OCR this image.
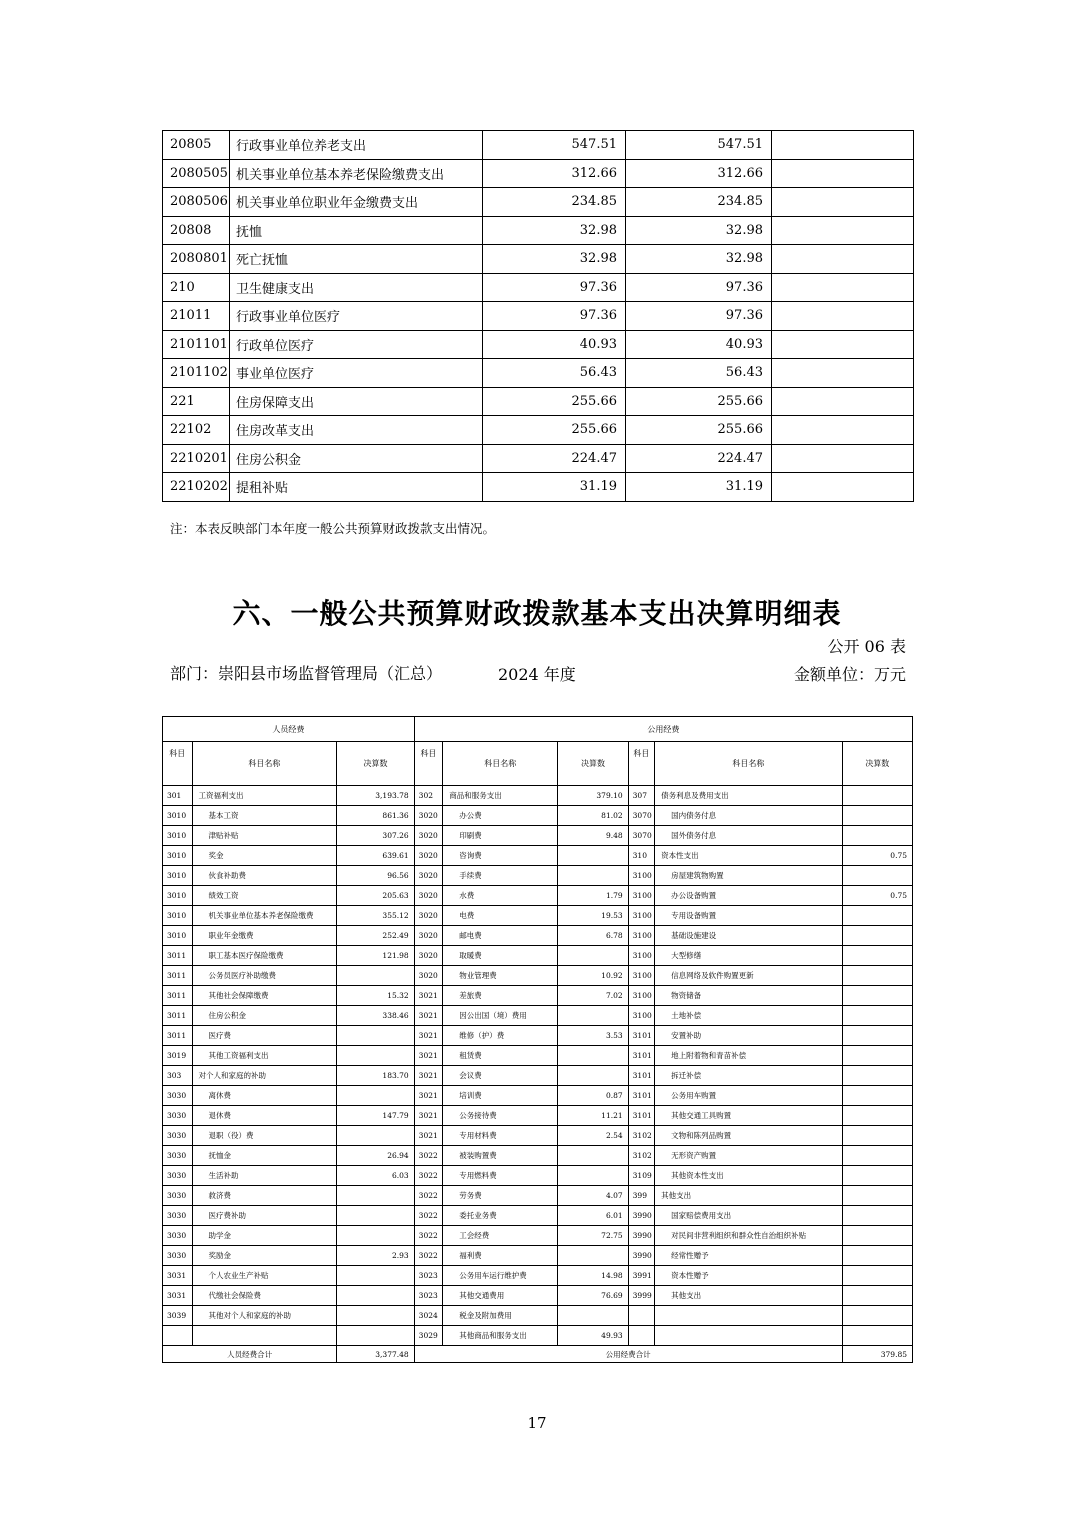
20805	行政事业单位养老支出	547.51	547.51	
2080505	机关事业单位基本养老保险缴费支出	312.66	312.66	
2080506	机关事业单位职业年金缴费支出	234.85	234.85	
20808	抚恤	32.98	32.98	
2080801	死亡抚恤	32.98	32.98	
210	卫生健康支出	97.36	97.36	
21011	行政事业单位医疗	97.36	97.36	
2101101	行政单位医疗	40.93	40.93	
2101102	事业单位医疗	56.43	56.43	
221	住房保障支出	255.66	255.66	
22102	住房改革支出	255.66	255.66	
2210201	住房公积金	224.47	224.47	
2210202	提租补贴	31.19	31.19	
注：本表反映部门本年度一般公共预算财政拨款支出情况。
六、一般公共预算财政拨款基本支出决算明细表
公开 06 表
部门：崇阳县市场监督管理局（汇总）	2024 年度	金额单位：万元
人员经费			公用经费					
科目	科目名称	决算数	科目	科目名称	决算数	科目	科目名称	决算数
301	工资福利支出	3,193.78	302	商品和服务支出	379.10	307	债务利息及费用支出	
3010	基本工资	861.36	3020	办公费	81.02	3070	国内债务付息	
3010	津贴补贴	307.26	3020	印刷费	9.48	3070	国外债务付息	
3010	奖金	639.61	3020	咨询费		310	资本性支出	0.75
3010	伙食补助费	96.56	3020	手续费		3100	房屋建筑物购置	
3010	绩效工资	205.63	3020	水费	1.79	3100	办公设备购置	0.75
3010	机关事业单位基本养老保险缴费	355.12	3020	电费	19.53	3100	专用设备购置	
3010	职业年金缴费	252.49	3020	邮电费	6.78	3100	基础设施建设	
3011	职工基本医疗保险缴费	121.98	3020	取暖费		3100	大型修缮	
3011	公务员医疗补助缴费		3020	物业管理费	10.92	3100	信息网络及软件购置更新	
3011	其他社会保障缴费	15.32	3021	差旅费	7.02	3100	物资储备	
3011	住房公积金	338.46	3021	因公出国（境）费用		3100	土地补偿	
3011	医疗费		3021	维修（护）费	3.53	3101	安置补助	
3019	其他工资福利支出		3021	租赁费		3101	地上附着物和青苗补偿	
303	对个人和家庭的补助	183.70	3021	会议费		3101	拆迁补偿	
3030	离休费		3021	培训费	0.87	3101	公务用车购置	
3030	退休费	147.79	3021	公务接待费	11.21	3101	其他交通工具购置	
3030	退职（役）费		3021	专用材料费	2.54	3102	文物和陈列品购置	
3030	抚恤金	26.94	3022	被装购置费		3102	无形资产购置	
3030	生活补助	6.03	3022	专用燃料费		3109	其他资本性支出	
3030	救济费		3022	劳务费	4.07	399	其他支出	
3030	医疗费补助		3022	委托业务费	6.01	3990	国家赔偿费用支出	
3030	助学金		3022	工会经费	72.75	3990	对民间非营利组织和群众性自治组织补贴	
3030	奖励金	2.93	3022	福利费		3990	经常性赠予	
3031	个人农业生产补贴		3023	公务用车运行维护费	14.98	3991	资本性赠予	
3031	代缴社会保险费		3023	其他交通费用	76.69	3999	其他支出	
3039	其他对个人和家庭的补助		3024	税金及附加费用				
			3029	其他商品和服务支出	49.93			
人员经费合计		3,377.48	公用经费合计					379.85
17
